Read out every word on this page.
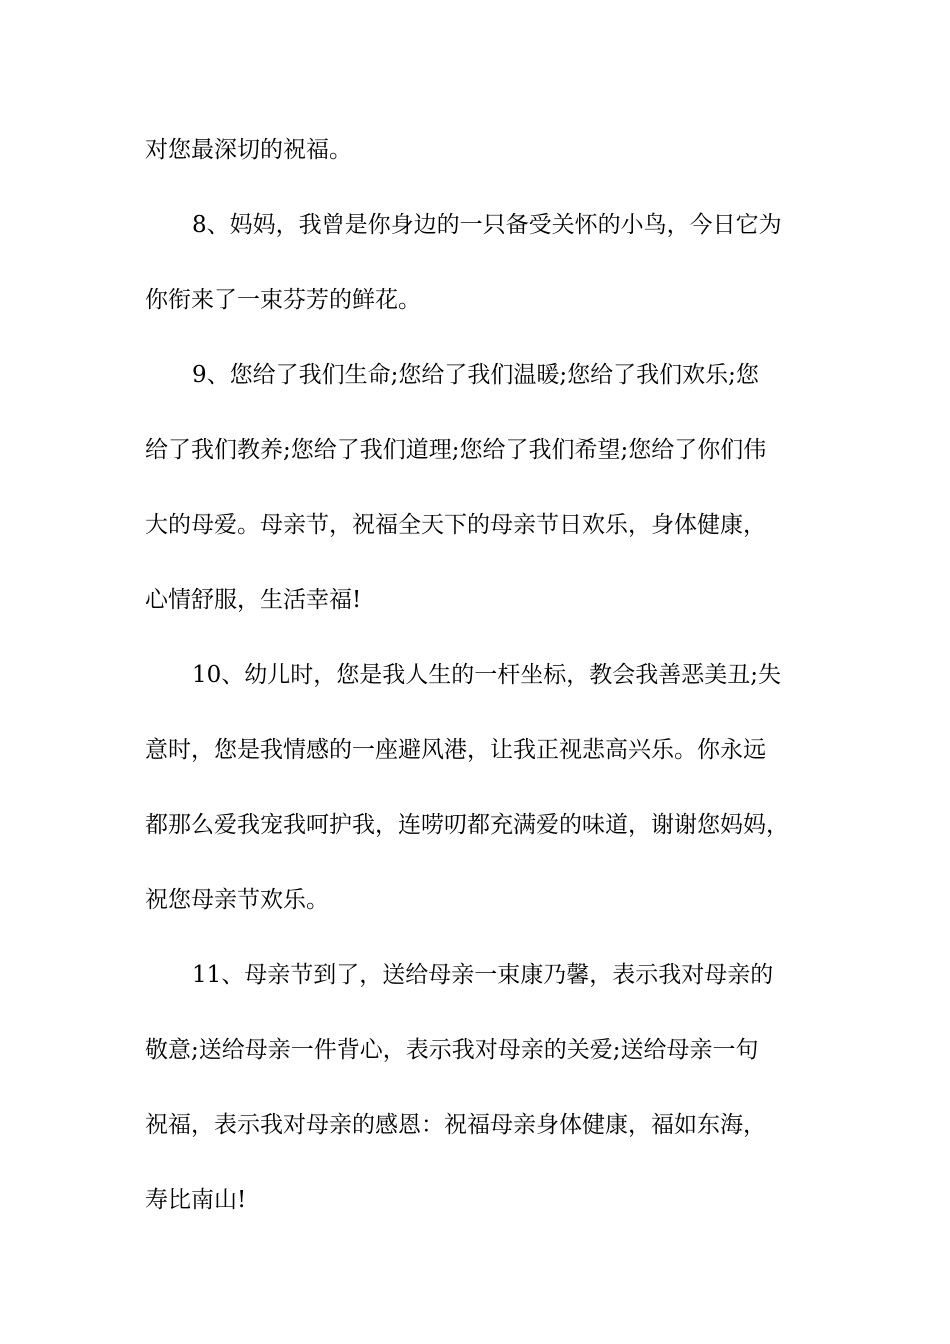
对您最深切的祝福。
8、妈妈，我曾是你身边的一只备受关怀的小鸟，今日它为
你衔来了一束芬芳的鲜花。
9、您给了我们生命;您给了我们温暖;您给了我们欢乐;您
给了我们教养;您给了我们道理;您给了我们希望;您给了你们伟
大的母爱。母亲节，祝福全天下的母亲节日欢乐，身体健康，
心情舒服，生活幸福!
10、幼儿时，您是我人生的一杆坐标，教会我善恶美丑;失
意时，您是我情感的一座避风港，让我正视悲高兴乐。你永远
都那么爱我宠我呵护我，连唠叨都充满爱的味道，谢谢您妈妈，
祝您母亲节欢乐。
11、母亲节到了，送给母亲一束康乃馨，表示我对母亲的
敬意;送给母亲一件背心，表示我对母亲的关爱;送给母亲一句
祝福，表示我对母亲的感恩：祝福母亲身体健康，福如东海，
寿比南山!
